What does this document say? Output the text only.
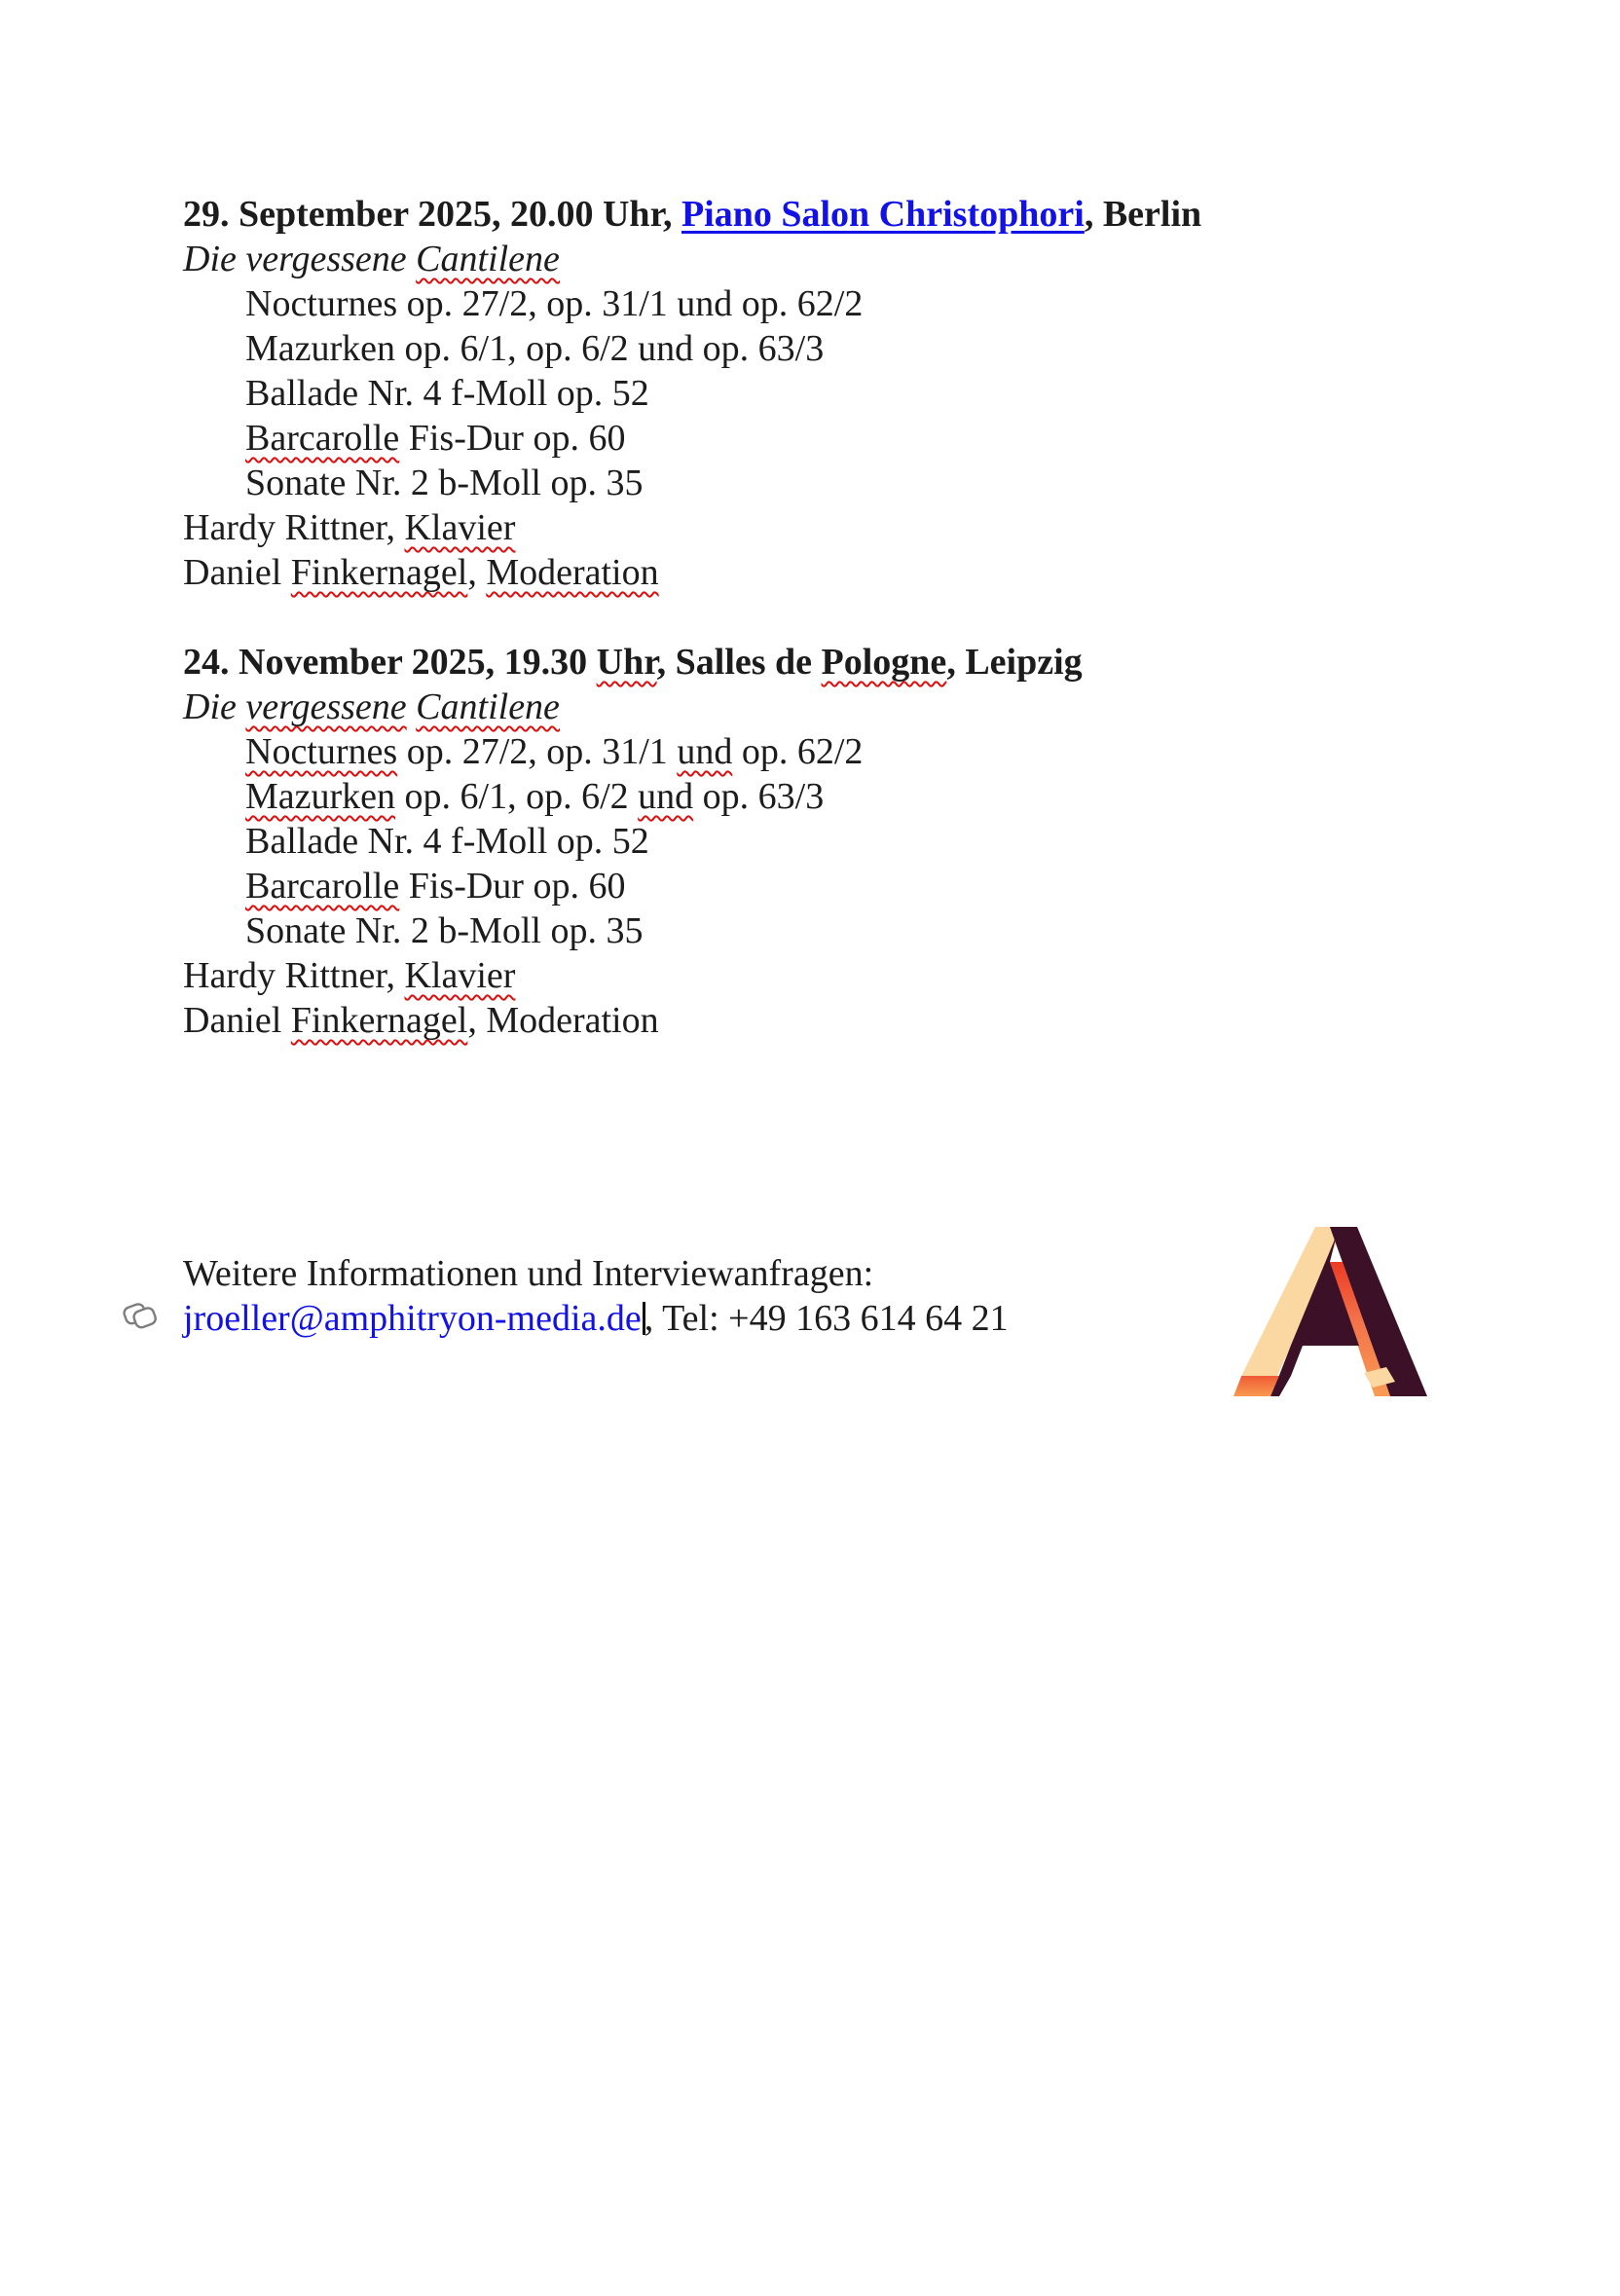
29. September 2025, 20.00 Uhr, Piano Salon Christophori, Berlin
Die vergessene Cantilene
Nocturnes op. 27/2, op. 31/1 und op. 62/2
Mazurken op. 6/1, op. 6/2 und op. 63/3
Ballade Nr. 4 f-Moll op. 52
Barcarolle Fis-Dur op. 60
Sonate Nr. 2 b-Moll op. 35
Hardy Rittner, Klavier
Daniel Finkernagel, Moderation
24. November 2025, 19.30 Uhr, Salles de Pologne, Leipzig
Die vergessene Cantilene
Nocturnes op. 27/2, op. 31/1 und op. 62/2
Mazurken op. 6/1, op. 6/2 und op. 63/3
Ballade Nr. 4 f-Moll op. 52
Barcarolle Fis-Dur op. 60
Sonate Nr. 2 b-Moll op. 35
Hardy Rittner, Klavier
Daniel Finkernagel, Moderation
Weitere Informationen und Interviewanfragen:
jroeller@amphitryon-media.de, Tel: +49 163 614 64 21
